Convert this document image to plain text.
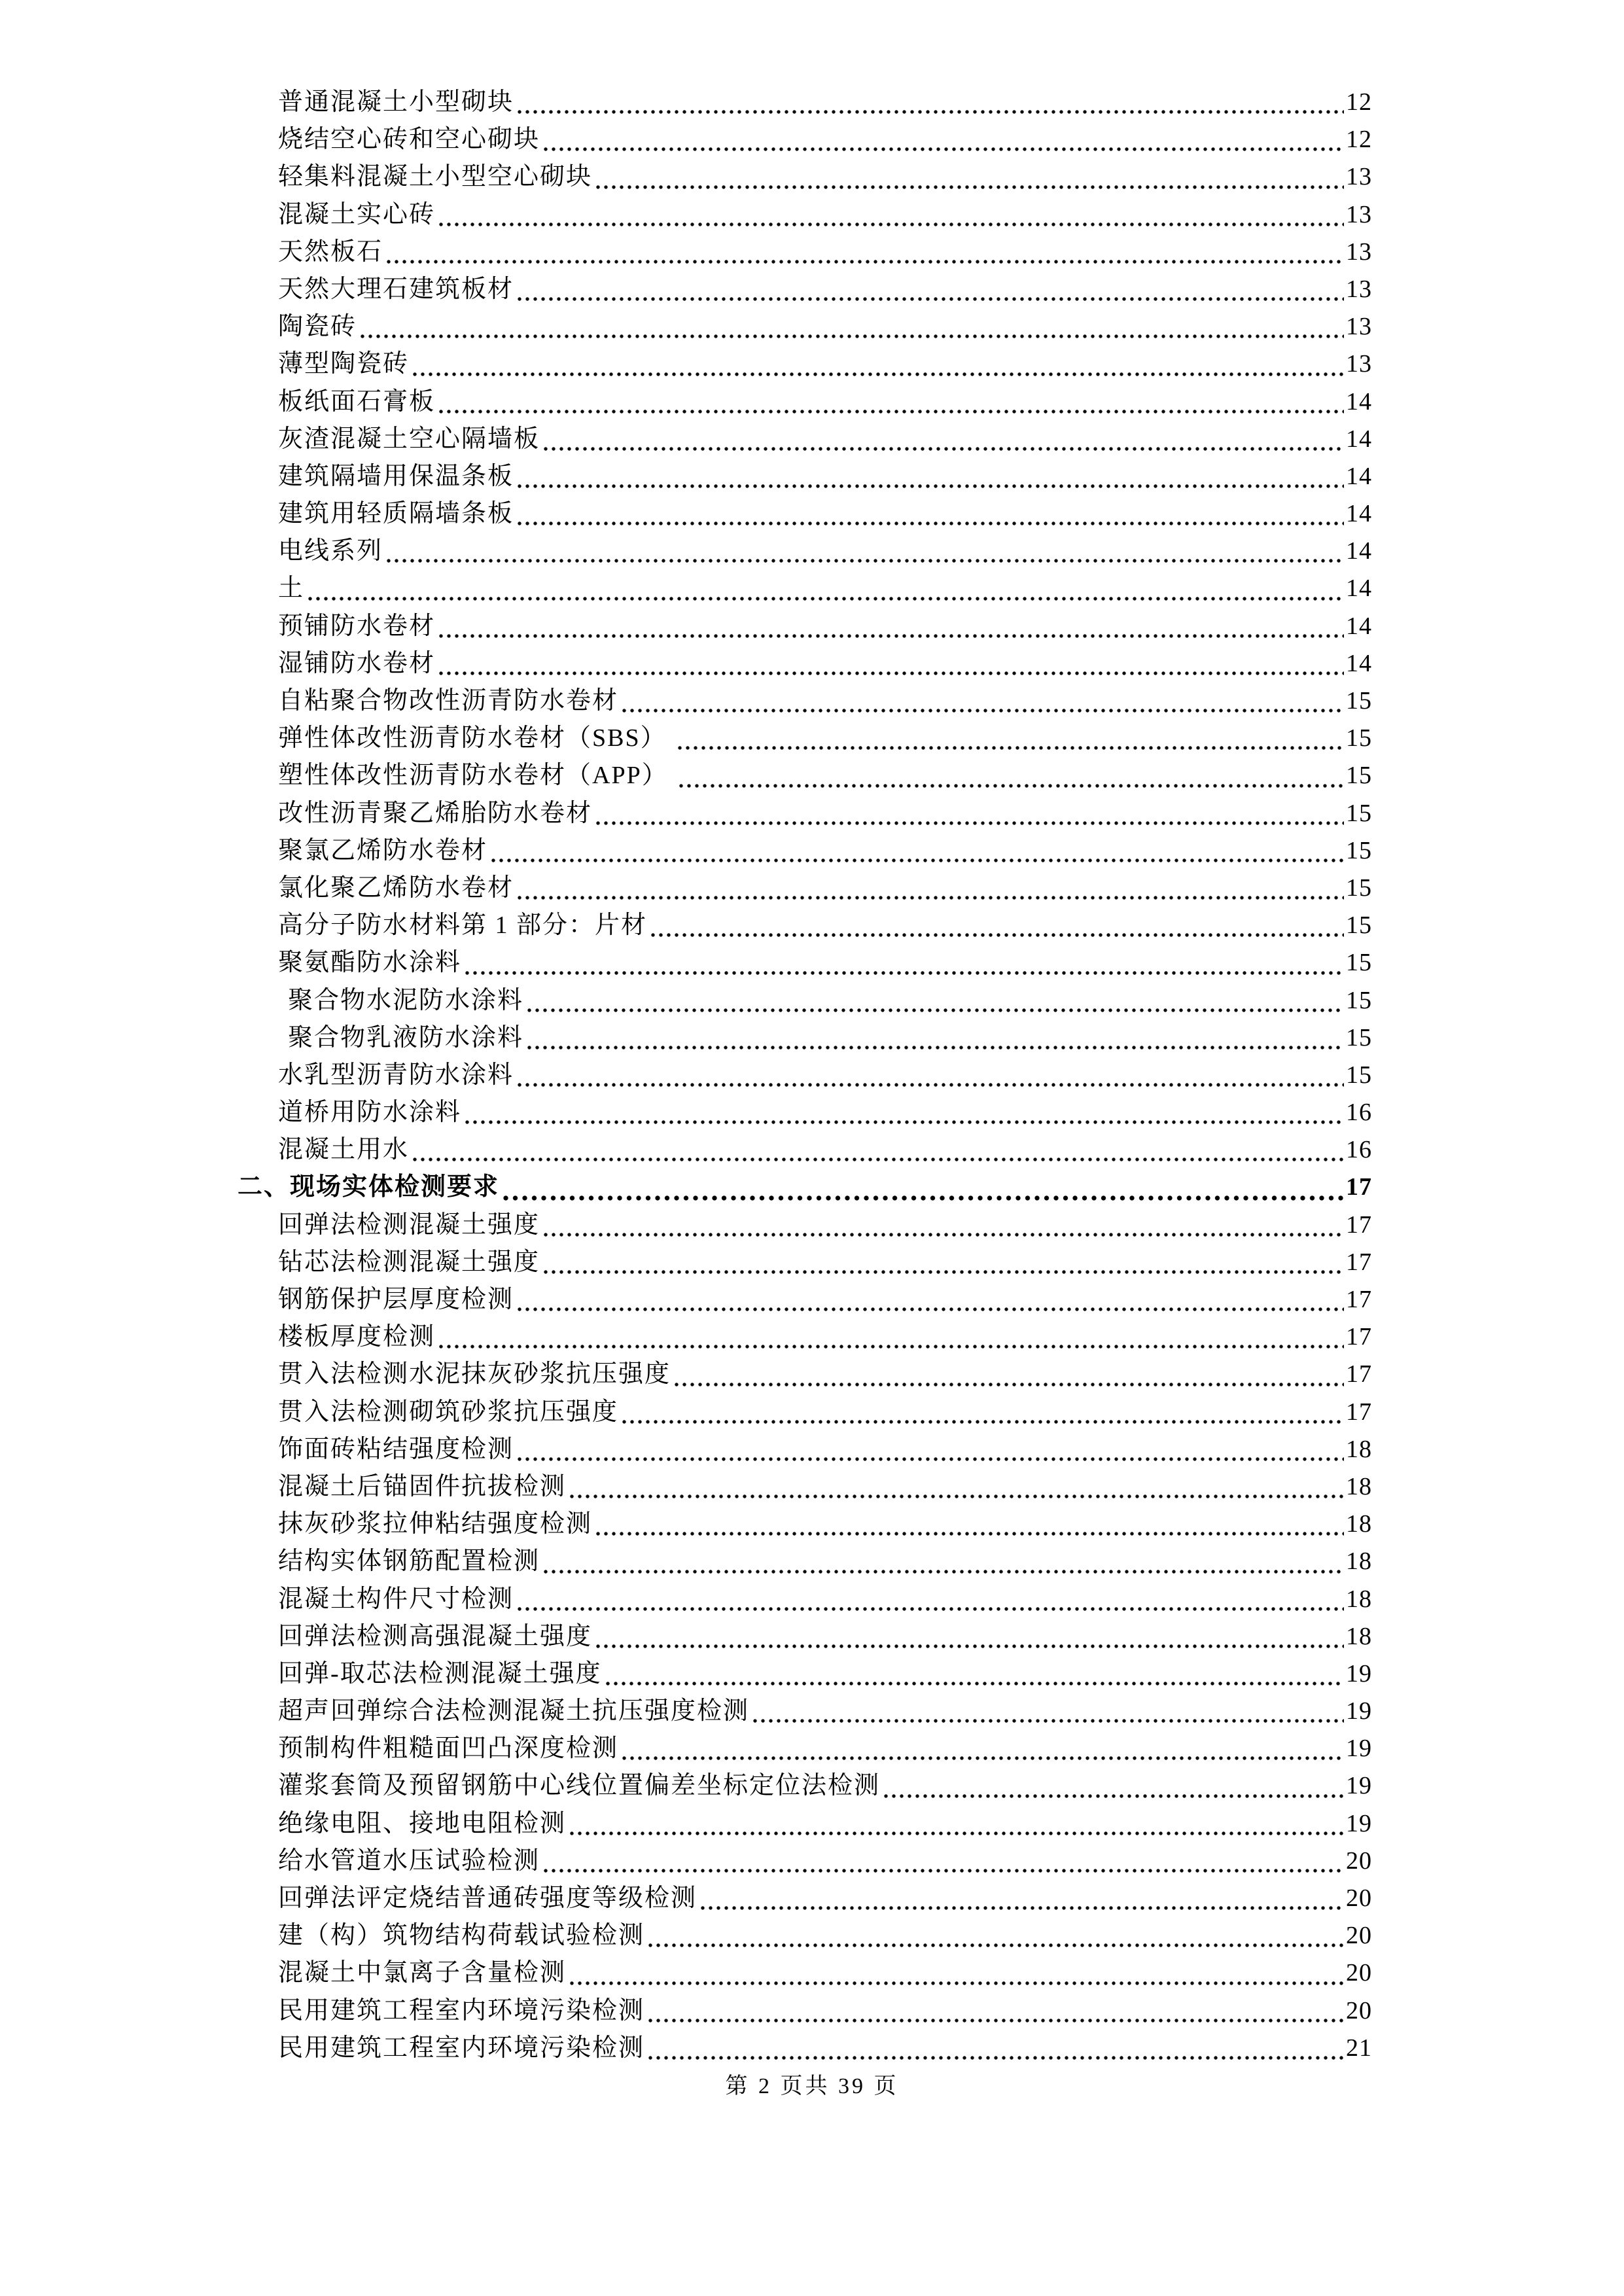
普通混凝土小型砌块	12
烧结空心砖和空心砌块	12
轻集料混凝土小型空心砌块	13
混凝土实心砖	13
天然板石	13
天然大理石建筑板材	13
陶瓷砖	13
薄型陶瓷砖	13
板纸面石膏板	14
灰渣混凝土空心隔墙板	14
建筑隔墙用保温条板	14
建筑用轻质隔墙条板	14
电线系列	14
土	14
预铺防水卷材	14
湿铺防水卷材	14
自粘聚合物改性沥青防水卷材	15
弹性体改性沥青防水卷材（SBS）	15
塑性体改性沥青防水卷材（APP）	15
改性沥青聚乙烯胎防水卷材	15
聚氯乙烯防水卷材	15
氯化聚乙烯防水卷材	15
高分子防水材料第 1 部分：片材	15
聚氨酯防水涂料	15
聚合物水泥防水涂料	15
聚合物乳液防水涂料	15
水乳型沥青防水涂料	15
道桥用防水涂料	16
混凝土用水	16
二、现场实体检测要求	17
回弹法检测混凝土强度	17
钻芯法检测混凝土强度	17
钢筋保护层厚度检测	17
楼板厚度检测	17
贯入法检测水泥抹灰砂浆抗压强度	17
贯入法检测砌筑砂浆抗压强度	17
饰面砖粘结强度检测	18
混凝土后锚固件抗拔检测	18
抹灰砂浆拉伸粘结强度检测	18
结构实体钢筋配置检测	18
混凝土构件尺寸检测	18
回弹法检测高强混凝土强度	18
回弹-取芯法检测混凝土强度	19
超声回弹综合法检测混凝土抗压强度检测	19
预制构件粗糙面凹凸深度检测	19
灌浆套筒及预留钢筋中心线位置偏差坐标定位法检测	19
绝缘电阻、接地电阻检测	19
给水管道水压试验检测	20
回弹法评定烧结普通砖强度等级检测	20
建（构）筑物结构荷载试验检测	20
混凝土中氯离子含量检测	20
民用建筑工程室内环境污染检测	20
民用建筑工程室内环境污染检测	21
第 2 页共 39 页
